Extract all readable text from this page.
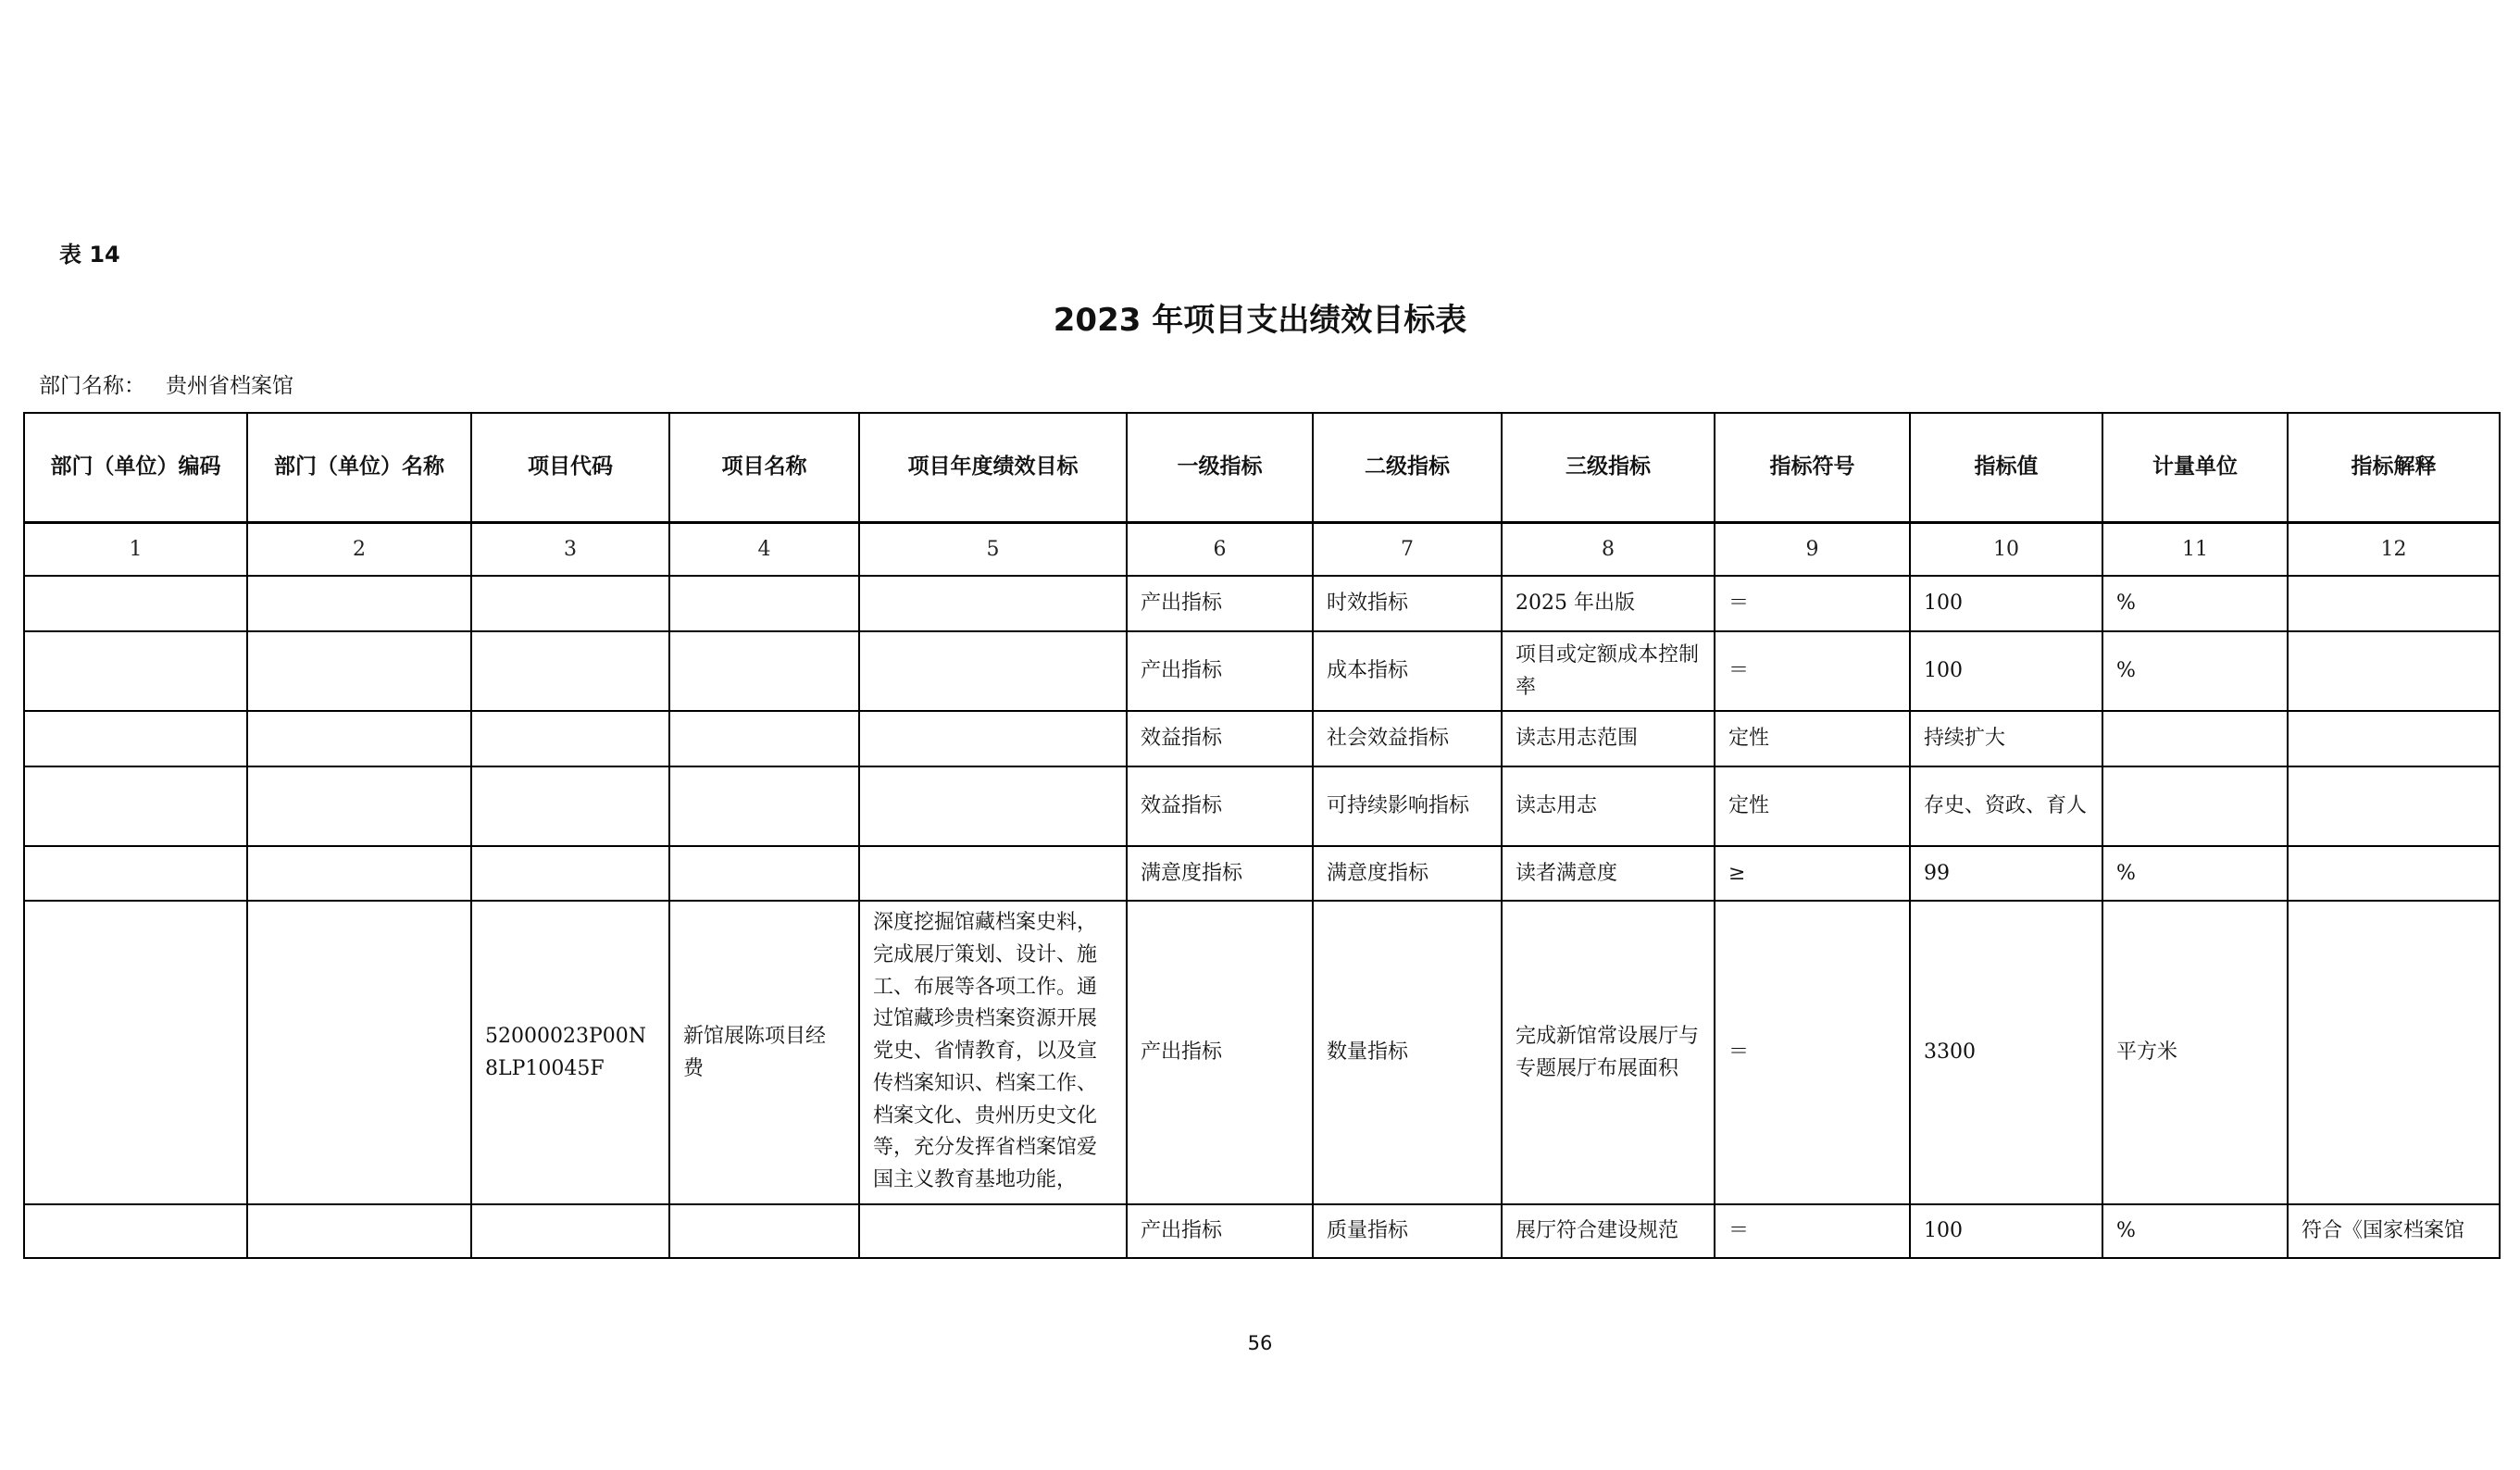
表 14
2023 年项目支出绩效目标表
部门名称： 贵州省档案馆
部门（单位）编码	部门（单位）名称	项目代码	项目名称	项目年度绩效目标	一级指标	二级指标	三级指标	指标符号	指标值	计量单位	指标解释
1	2	3	4	5	6	7	8	9	10	11	12
					产出指标	时效指标	2025 年出版	＝	100	%	
					产出指标	成本指标	项目或定额成本控制率	＝	100	%	
					效益指标	社会效益指标	读志用志范围	定性	持续扩大		
					效益指标	可持续影响指标	读志用志	定性	存史、资政、育人		
					满意度指标	满意度指标	读者满意度	≥	99	%	
		52000023P00N8LP10045F	新馆展陈项目经费	深度挖掘馆藏档案史料，完成展厅策划、设计、施工、布展等各项工作。通过馆藏珍贵档案资源开展党史、省情教育，以及宣传档案知识、档案工作、档案文化、贵州历史文化等，充分发挥省档案馆爱国主义教育基地功能，	产出指标	数量指标	完成新馆常设展厅与专题展厅布展面积	＝	3300	平方米	
					产出指标	质量指标	展厅符合建设规范	＝	100	%	符合《国家档案馆
56
